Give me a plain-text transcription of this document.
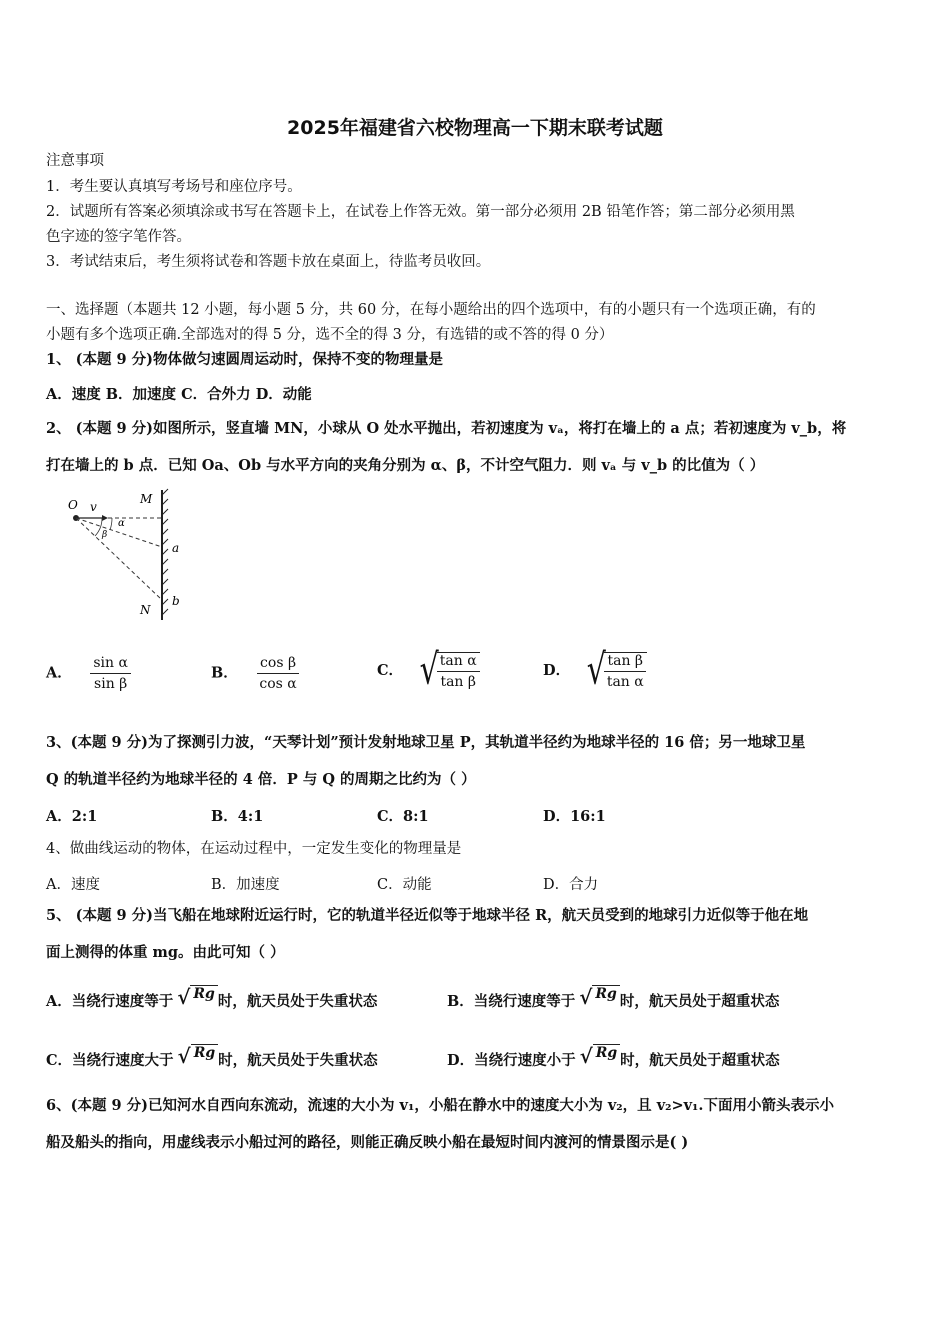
2025年福建省六校物理高一下期末联考试题
注意事项
1．考生要认真填写考场号和座位序号。
2．试题所有答案必须填涂或书写在答题卡上，在试卷上作答无效。第一部分必须用 2B 铅笔作答；第二部分必须用黑
色字迹的签字笔作答。
3．考试结束后，考生须将试卷和答题卡放在桌面上，待监考员收回。
一、选择题（本题共 12 小题，每小题 5 分，共 60 分，在每小题给出的四个选项中，有的小题只有一个选项正确，有的
小题有多个选项正确.全部选对的得 5 分，选不全的得 3 分，有选错的或不答的得 0 分）
1、 (本题 9 分)物体做匀速圆周运动时，保持不变的物理量是
A．速度 B．加速度 C．合外力 D．动能
2、 (本题 9 分)如图所示，竖直墙 MN，小球从 O 处水平抛出，若初速度为 vₐ，将打在墙上的 a 点；若初速度为 v_b，将
打在墙上的 b 点．已知 Oa、Ob 与水平方向的夹角分别为 α、β，不计空气阻力．则 vₐ 与 v_b 的比值为（ ）
O v
α
β
M
N
a
b
A． $\frac{\text{sin α}}{\text{sin β}}$	B． $\frac{\text{cos β}}{\text{cos α}}$	C． √
$\frac{\text{tan α}}{\text{tan β}}$	D． √
$\frac{\text{tan β}}{\text{tan α}}$
3、(本题 9 分)为了探测引力波，“天琴计划”预计发射地球卫星 P，其轨道半径约为地球半径的 16 倍；另一地球卫星
Q 的轨道半径约为地球半径的 4 倍．P 与 Q 的周期之比约为（ ）
A．2:1	B．4:1	C．8:1	D．16:1
4、做曲线运动的物体，在运动过程中，一定发生变化的物理量是
A．速度	B．加速度	C．动能	D．合力
5、 (本题 9 分)当飞船在地球附近运行时，它的轨道半径近似等于地球半径 R，航天员受到的地球引力近似等于他在地
面上测得的体重 mg。由此可知（ ）
A．当绕行速度等于 √ Rg 时，航天员处于失重状态	B．当绕行速度等于 √ Rg 时，航天员处于超重状态
C．当绕行速度大于 √ Rg 时，航天员处于失重状态	D．当绕行速度小于 √ Rg 时，航天员处于超重状态
6、(本题 9 分)已知河水自西向东流动，流速的大小为 v₁，小船在静水中的速度大小为 v₂，且 v₂>v₁.下面用小箭头表示小
船及船头的指向，用虚线表示小船过河的路径，则能正确反映小船在最短时间内渡河的情景图示是( )
